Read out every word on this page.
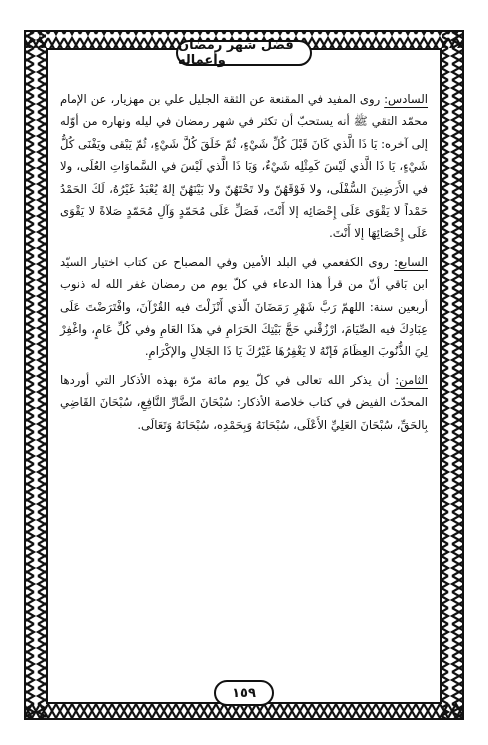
فضل شهر رمضان وأعماله

السادس: روى المفيد في المقنعة عن الثقة الجليل علي بن مهزيار، عن الإمام محمّد التقي ﷺ أنه يستحبّ أن تكثر في شهر رمضان في ليله ونهاره من أوّله إلى آخره: يَا ذَا الَّذي كَانَ قَبْلَ كُلِّ شَيْءٍ، ثُمّ خَلَقَ كُلَّ شَيْءٍ، ثُمّ يَبْقى ويَفْنَى كُلُّ شَيْءٍ، يَا ذَا الَّذي لَيْسَ كَمِثْلِه شَيْءٌ، وَيَا ذَا الَّذي لَيْسَ في السَّماوَاتِ العُلَى، ولا في الأَرَضِينَ السُّفْلَى، ولا فَوْقَهُنّ ولا تَحْتَهُنّ ولا بَيْنَهُنّ إلهٌ يُعْبَدُ غَيْرُهُ، لَكَ الحَمْدُ حَمْداً لا يَقْوَى عَلَى إِحْصَائِه إلا أَنْتَ، فَصَلِّ عَلَى مُحَمّدٍ وَآلِ مُحَمّدٍ صَلاةً لا يَقْوَى عَلَى إِحْصَائِهَا إلا أَنْتَ.

السابع: روى الكفعمي في البلد الأمين وفي المصباح عن كتاب اختيار السيّد ابن بَاقي أنّ من قرأ هذا الدعاء في كلّ يوم من رمضان غفر الله له ذنوب أربعين سنة: اللهمّ رَبَّ شَهْرِ رَمَضَانَ الّذي أَنْزَلْتَ فيه القُرْآنَ، وافْتَرَضْتَ عَلَى عِبَادِكَ فيه الصِّيَامَ، ارْزُقْني حَجَّ بَيْتِكَ الحَرَامِ في هذَا العَامِ وفي كُلِّ عَامٍ، واغْفِرْ لِيَ الذُّنُوبَ العِظَامَ فَإنّهُ لا يَغْفِرُهَا غَيْرُكَ يَا ذَا الجَلالِ والإكْرَامِ.

الثامن: أن يذكر الله تعالى في كلّ يوم مائة مرّة بهذه الأذكار التي أوردها المحدّث الفيض في كتاب خلاصة الأذكار: سُبْحَانَ الضَّارِّ النَّافِعِ، سُبْحَانَ القَاضِي بِالحَقِّ، سُبْحَانَ العَلِيِّ الأَعْلَى، سُبْحَانَهُ وَبِحَمْدِه، سُبْحَانَهُ وَتَعَالَى.

١٥٩
